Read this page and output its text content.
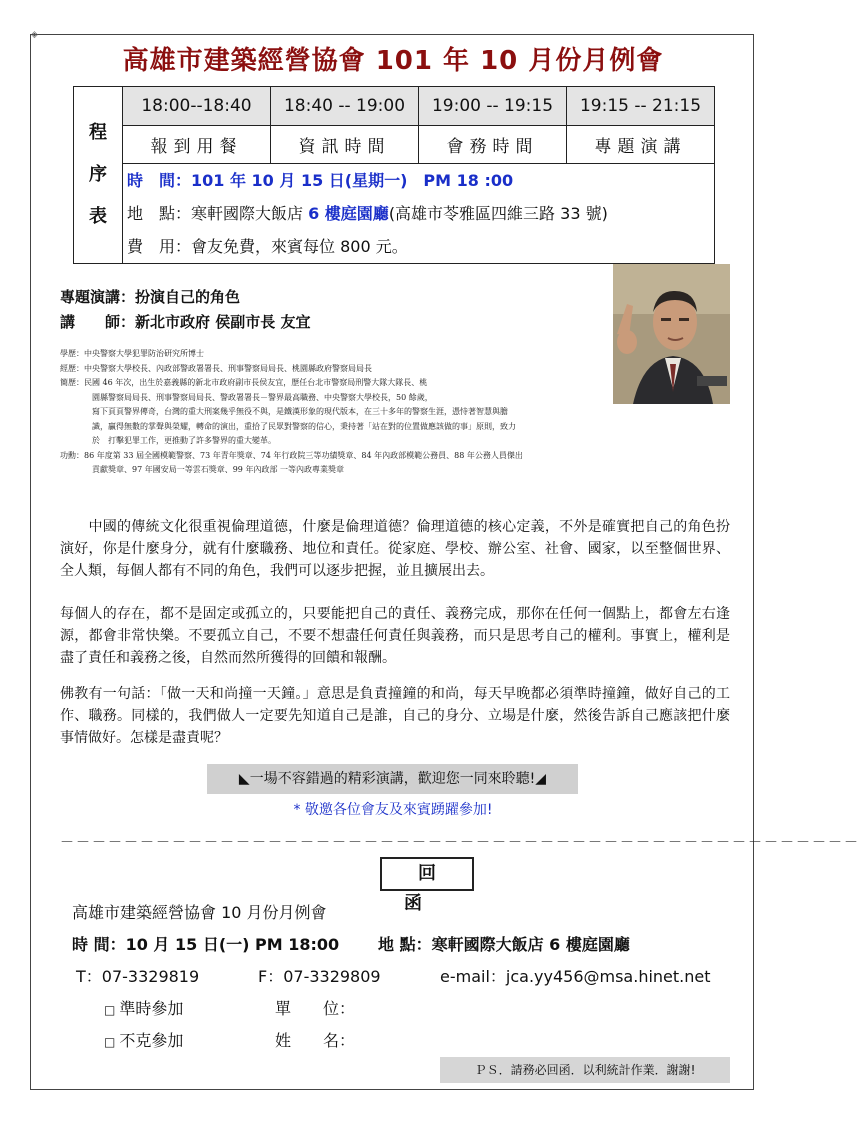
◈
高雄市建築經營協會 101 年 10 月份月例會
程
序
表	18:00--18:40	18:40 -- 19:00	19:00 -- 19:15	19:15 -- 21:15
	報到用餐	資訊時間	會務時間	專題演講

	時　間：101 年 10 月 15 日(星期一)　PM 18 :00
地　點：寒軒國際大飯店 6 樓庭園廳(高雄市苓雅區四維三路 33 號)
費　用：會友免費，來賓每位 800 元。			
專題演講：扮演自己的角色
講　　師：新北市政府 侯副市長 友宜
學歷：中央警察大學犯罪防治研究所博士
經歷：中央警察大學校長、內政部警政署署長、刑事警察局局長、桃園縣政府警察局局長
簡歷：民國 46 年次，出生於嘉義縣的新北市政府副市長侯友宜，歷任台北市警察局刑警大隊大隊長、桃
園縣警察局局長、刑事警察局局長、警政署署長－警界最高職務、中央警察大學校長，50 餘歲，
寫下頁頁警界傳奇，台灣的重大刑案幾乎無役不與，是鐵漢形象的現代版本，在三十多年的警察生涯，憑恃著智慧與膽
識，贏得無數的掌聲與榮耀，轉命的演出，重拾了民眾對警察的信心，秉持著「站在對的位置做應該做的事」原則，致力
於　打擊犯罪工作，更推動了許多警界的重大變革。
功勳：86 年度第 33 屆全國模範警察、73 年青年獎章、74 年行政院三等功績獎章、84 年內政部模範公務員、88 年公務人員傑出
貢獻獎章、97 年國安局一等雲石獎章、99 年內政部 一等內政專業獎章
　　中國的傳統文化很重視倫理道德，什麼是倫理道德？倫理道德的核心定義，不外是確實把自己的角色扮演好，你是什麼身分，就有什麼職務、地位和責任。從家庭、學校、辦公室、社會、國家，以至整個世界、全人類，每個人都有不同的角色，我們可以逐步把握，並且擴展出去。
每個人的存在，都不是固定或孤立的，只要能把自己的責任、義務完成，那你在任何一個點上，都會左右逢源，都會非常快樂。不要孤立自己，不要不想盡任何責任與義務，而只是思考自己的權利。事實上，權利是盡了責任和義務之後，自然而然所獲得的回饋和報酬。
佛教有一句話：「做一天和尚撞一天鐘。」意思是負責撞鐘的和尚，每天早晚都必須準時撞鐘，做好自己的工作、職務。同樣的，我們做人一定要先知道自己是誰，自己的身分、立場是什麼，然後告訴自己應該把什麼事情做好。怎樣是盡責呢？
◣一場不容錯過的精彩演講，歡迎您一同來聆聽!◢
* 敬邀各位會友及來賓踴躍參加!
－－－－－－－－－－－－－－－－－－－－－－－－－－－－－－－－－－－－－－－－－－－－－－－－－－
回函
高雄市建築經營協會 10 月份月例會
時 間：10 月 15 日(一) PM 18:00 地 點：寒軒國際大飯店 6 樓庭園廳
T：07-3329819	F：07-3329809	e-mail：jca.yy456@msa.hinet.net
□ 準時參加	單　　位：
□ 不克參加	姓　　名：
ＰＳ．請務必回函．以利統計作業．謝謝!
